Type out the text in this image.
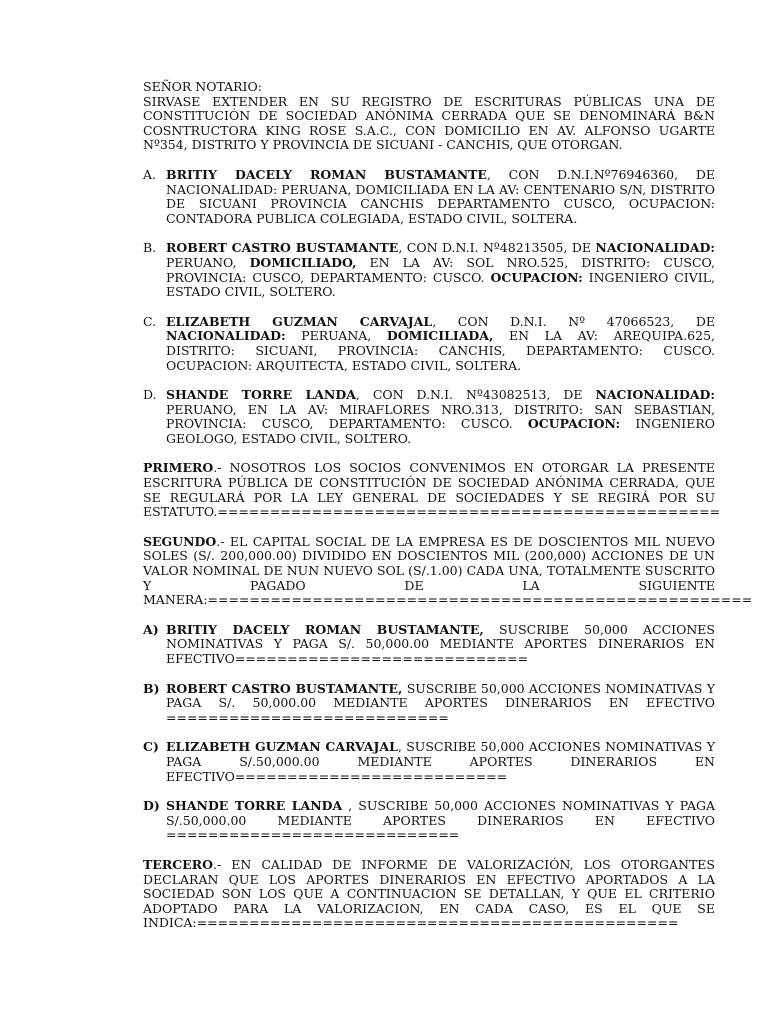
SEÑOR NOTARIO:
SIRVASE EXTENDER EN SU REGISTRO DE ESCRITURAS PÚBLICAS UNA DE CONSTITUCIÓN DE SOCIEDAD ANÓNIMA CERRADA QUE SE DENOMINARÁ B&N COSNTRUCTORA KING ROSE S.A.C., CON DOMICILIO EN AV. ALFONSO UGARTE Nº354, DISTRITO Y PROVINCIA DE SICUANI - CANCHIS, QUE OTORGAN.
A. BRITIY DACELY ROMAN BUSTAMANTE, CON D.N.I.Nº76946360, DE NACIONALIDAD: PERUANA, DOMICILIADA EN LA AV: CENTENARIO S/N, DISTRITO DE SICUANI PROVINCIA CANCHIS DEPARTAMENTO CUSCO, OCUPACION: CONTADORA PUBLICA COLEGIADA, ESTADO CIVIL, SOLTERA.
B. ROBERT CASTRO BUSTAMANTE, CON D.N.I. Nº48213505, DE NACIONALIDAD: PERUANO, DOMICILIADO, EN LA AV: SOL NRO.525, DISTRITO: CUSCO, PROVINCIA: CUSCO, DEPARTAMENTO: CUSCO. OCUPACION: INGENIERO CIVIL, ESTADO CIVIL, SOLTERO.
C. ELIZABETH GUZMAN CARVAJAL, CON D.N.I. Nº 47066523, DE NACIONALIDAD: PERUANA, DOMICILIADA, EN LA AV: AREQUIPA.625, DISTRITO: SICUANI, PROVINCIA: CANCHIS, DEPARTAMENTO: CUSCO. OCUPACION: ARQUITECTA, ESTADO CIVIL, SOLTERA.
D. SHANDE TORRE LANDA, CON D.N.I. Nº43082513, DE NACIONALIDAD: PERUANO, EN LA AV: MIRAFLORES NRO.313, DISTRITO: SAN SEBASTIAN, PROVINCIA: CUSCO, DEPARTAMENTO: CUSCO. OCUPACION: INGENIERO GEOLOGO, ESTADO CIVIL, SOLTERO.
PRIMERO.- NOSOTROS LOS SOCIOS CONVENIMOS EN OTORGAR LA PRESENTE ESCRITURA PÚBLICA DE CONSTITUCIÓN DE SOCIEDAD ANÓNIMA CERRADA, QUE SE REGULARÁ POR LA LEY GENERAL DE SOCIEDADES Y SE REGIRÁ POR SU ESTATUTO.================================================
SEGUNDO.- EL CAPITAL SOCIAL DE LA EMPRESA ES DE DOSCIENTOS MIL NUEVO SOLES (S/. 200,000.00) DIVIDIDO EN DOSCIENTOS MIL (200,000) ACCIONES DE UN VALOR NOMINAL DE NUN NUEVO SOL (S/.1.00) CADA UNA, TOTALMENTE SUSCRITO Y PAGADO DE LA SIGUIENTE MANERA:====================================================
A) BRITIY DACELY ROMAN BUSTAMANTE, SUSCRIBE 50,000 ACCIONES NOMINATIVAS Y PAGA S/. 50,000.00 MEDIANTE APORTES DINERARIOS EN EFECTIVO============================
B) ROBERT CASTRO BUSTAMANTE, SUSCRIBE 50,000 ACCIONES NOMINATIVAS Y PAGA S/. 50,000.00 MEDIANTE APORTES DINERARIOS EN EFECTIVO ===========================
C) ELIZABETH GUZMAN CARVAJAL, SUSCRIBE 50,000 ACCIONES NOMINATIVAS Y PAGA S/.50,000.00 MEDIANTE APORTES DINERARIOS EN EFECTIVO==========================
D) SHANDE TORRE LANDA , SUSCRIBE 50,000 ACCIONES NOMINATIVAS Y PAGA S/.50,000.00 MEDIANTE APORTES DINERARIOS EN EFECTIVO ============================
TERCERO.- EN CALIDAD DE INFORME DE VALORIZACIÓN, LOS OTORGANTES DECLARAN QUE LOS APORTES DINERARIOS EN EFECTIVO APORTADOS A LA SOCIEDAD SON LOS QUE A CONTINUACION SE DETALLAN, Y QUE EL CRITERIO ADOPTADO PARA LA VALORIZACION, EN CADA CASO, ES EL QUE SE INDICA:==============================================
